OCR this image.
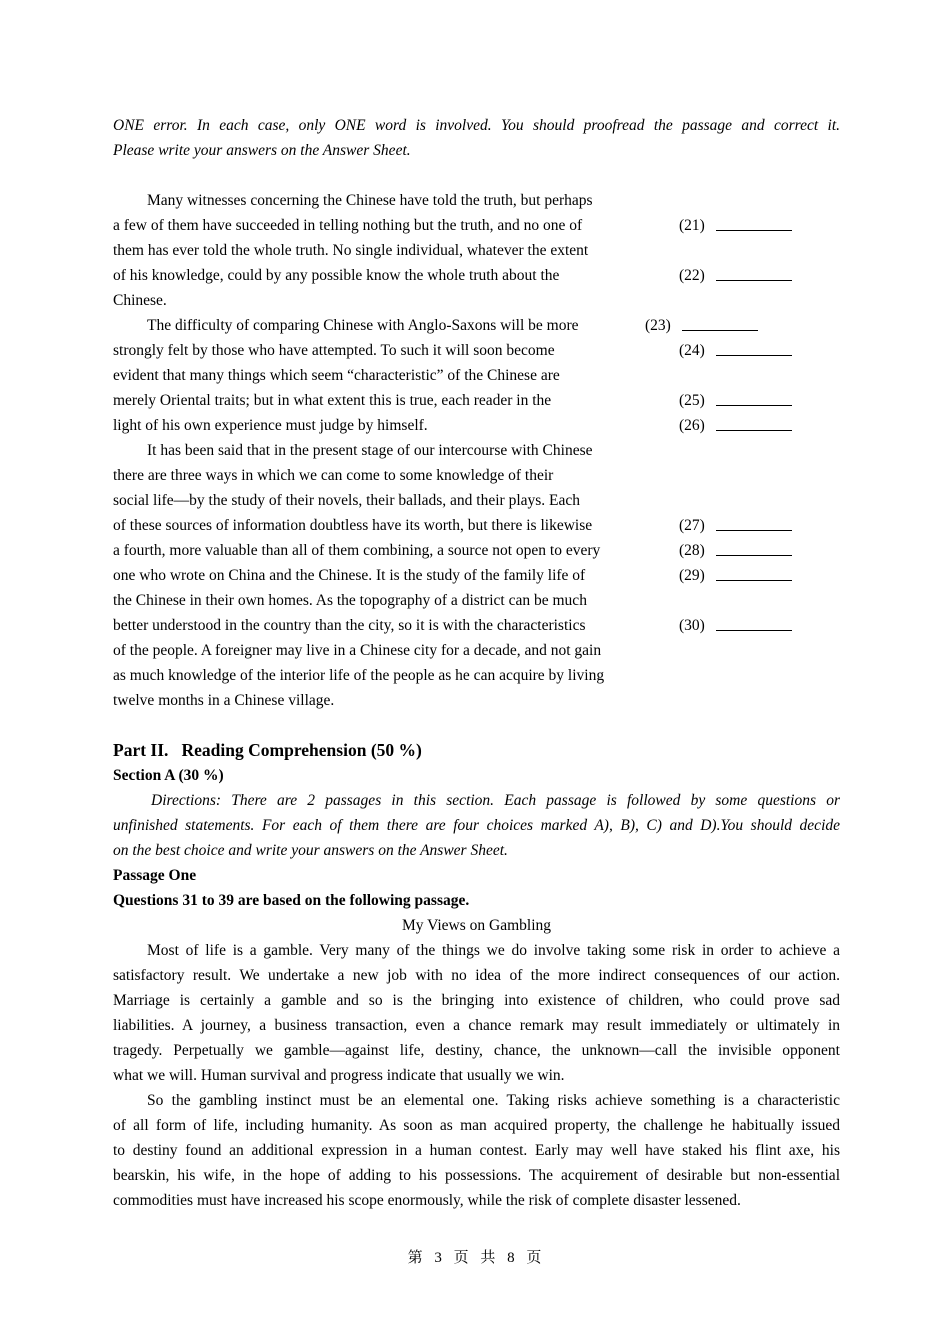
ONE error. In each case, only ONE word is involved. You should proofread the passage and correct it.
Please write your answers on the Answer Sheet.
Many witnesses concerning the Chinese have told the truth, but perhaps
a few of them have succeeded in telling nothing but the truth, and no one of	(21)
them has ever told the whole truth. No single individual, whatever the extent
of his knowledge, could by any possible know the whole truth about the	(22)
Chinese.
The difficulty of comparing Chinese with Anglo-Saxons will be more	(23)
strongly felt by those who have attempted. To such it will soon become	(24)
evident that many things which seem “characteristic” of the Chinese are
merely Oriental traits; but in what extent this is true, each reader in the	(25)
light of his own experience must judge by himself.	(26)
It has been said that in the present stage of our intercourse with Chinese
there are three ways in which we can come to some knowledge of their
social life—by the study of their novels, their ballads, and their plays. Each
of these sources of information doubtless have its worth, but there is likewise	(27)
a fourth, more valuable than all of them combining, a source not open to every	(28)
one who wrote on China and the Chinese. It is the study of the family life of	(29)
the Chinese in their own homes. As the topography of a district can be much
better understood in the country than the city, so it is with the characteristics	(30)
of the people. A foreigner may live in a Chinese city for a decade, and not gain
as much knowledge of the interior life of the people as he can acquire by living
twelve months in a Chinese village.
Part II.   Reading Comprehension (50 %)
Section A (30 %)
Directions: There are 2 passages in this section. Each passage is followed by some questions or
unfinished statements. For each of them there are four choices marked A), B), C) and D).You should decide
on the best choice and write your answers on the Answer Sheet.
Passage One
Questions 31 to 39 are based on the following passage.
My Views on Gambling
Most of life is a gamble. Very many of the things we do involve taking some risk in order to achieve a
satisfactory result. We undertake a new job with no idea of the more indirect consequences of our action.
Marriage is certainly a gamble and so is the bringing into existence of children, who could prove sad
liabilities. A journey, a business transaction, even a chance remark may result immediately or ultimately in
tragedy. Perpetually we gamble—against life, destiny, chance, the unknown—call the invisible opponent
what we will. Human survival and progress indicate that usually we win.
So the gambling instinct must be an elemental one. Taking risks achieve something is a characteristic
of all form of life, including humanity. As soon as man acquired property, the challenge he habitually issued
to destiny found an additional expression in a human contest. Early may well have staked his flint axe, his
bearskin, his wife, in the hope of adding to his possessions. The acquirement of desirable but non-essential
commodities must have increased his scope enormously, while the risk of complete disaster lessened.
第 3 页 共 8 页
